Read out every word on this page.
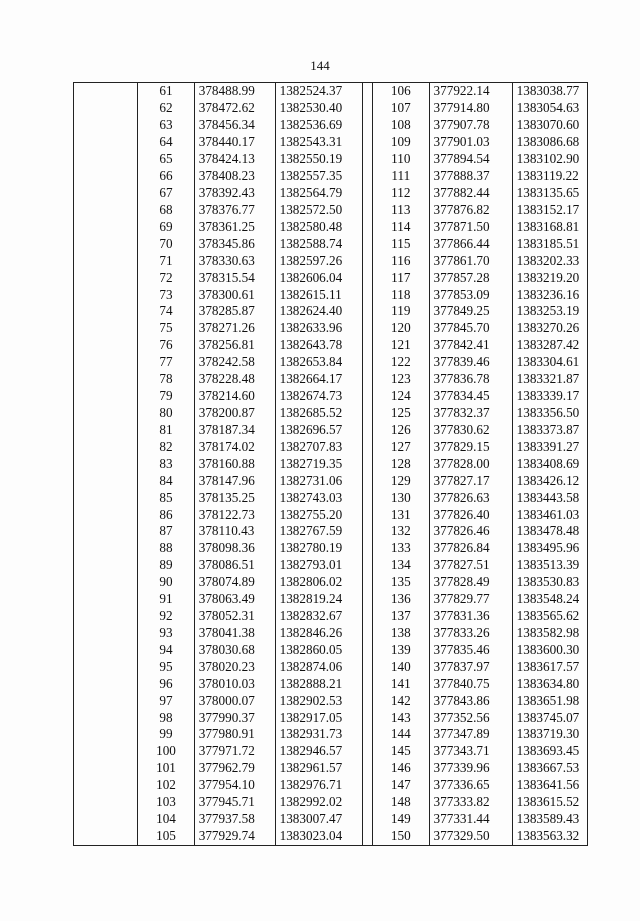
144
	61	378488.99	1382524.37		106	377922.14	1383038.77
	62	378472.62	1382530.40		107	377914.80	1383054.63
	63	378456.34	1382536.69		108	377907.78	1383070.60
	64	378440.17	1382543.31		109	377901.03	1383086.68
	65	378424.13	1382550.19		110	377894.54	1383102.90
	66	378408.23	1382557.35		111	377888.37	1383119.22
	67	378392.43	1382564.79		112	377882.44	1383135.65
	68	378376.77	1382572.50		113	377876.82	1383152.17
	69	378361.25	1382580.48		114	377871.50	1383168.81
	70	378345.86	1382588.74		115	377866.44	1383185.51
	71	378330.63	1382597.26		116	377861.70	1383202.33
	72	378315.54	1382606.04		117	377857.28	1383219.20
	73	378300.61	1382615.11		118	377853.09	1383236.16
	74	378285.87	1382624.40		119	377849.25	1383253.19
	75	378271.26	1382633.96		120	377845.70	1383270.26
	76	378256.81	1382643.78		121	377842.41	1383287.42
	77	378242.58	1382653.84		122	377839.46	1383304.61
	78	378228.48	1382664.17		123	377836.78	1383321.87
	79	378214.60	1382674.73		124	377834.45	1383339.17
	80	378200.87	1382685.52		125	377832.37	1383356.50
	81	378187.34	1382696.57		126	377830.62	1383373.87
	82	378174.02	1382707.83		127	377829.15	1383391.27
	83	378160.88	1382719.35		128	377828.00	1383408.69
	84	378147.96	1382731.06		129	377827.17	1383426.12
	85	378135.25	1382743.03		130	377826.63	1383443.58
	86	378122.73	1382755.20		131	377826.40	1383461.03
	87	378110.43	1382767.59		132	377826.46	1383478.48
	88	378098.36	1382780.19		133	377826.84	1383495.96
	89	378086.51	1382793.01		134	377827.51	1383513.39
	90	378074.89	1382806.02		135	377828.49	1383530.83
	91	378063.49	1382819.24		136	377829.77	1383548.24
	92	378052.31	1382832.67		137	377831.36	1383565.62
	93	378041.38	1382846.26		138	377833.26	1383582.98
	94	378030.68	1382860.05		139	377835.46	1383600.30
	95	378020.23	1382874.06		140	377837.97	1383617.57
	96	378010.03	1382888.21		141	377840.75	1383634.80
	97	378000.07	1382902.53		142	377843.86	1383651.98
	98	377990.37	1382917.05		143	377352.56	1383745.07
	99	377980.91	1382931.73		144	377347.89	1383719.30
	100	377971.72	1382946.57		145	377343.71	1383693.45
	101	377962.79	1382961.57		146	377339.96	1383667.53
	102	377954.10	1382976.71		147	377336.65	1383641.56
	103	377945.71	1382992.02		148	377333.82	1383615.52
	104	377937.58	1383007.47		149	377331.44	1383589.43
	105	377929.74	1383023.04		150	377329.50	1383563.32
